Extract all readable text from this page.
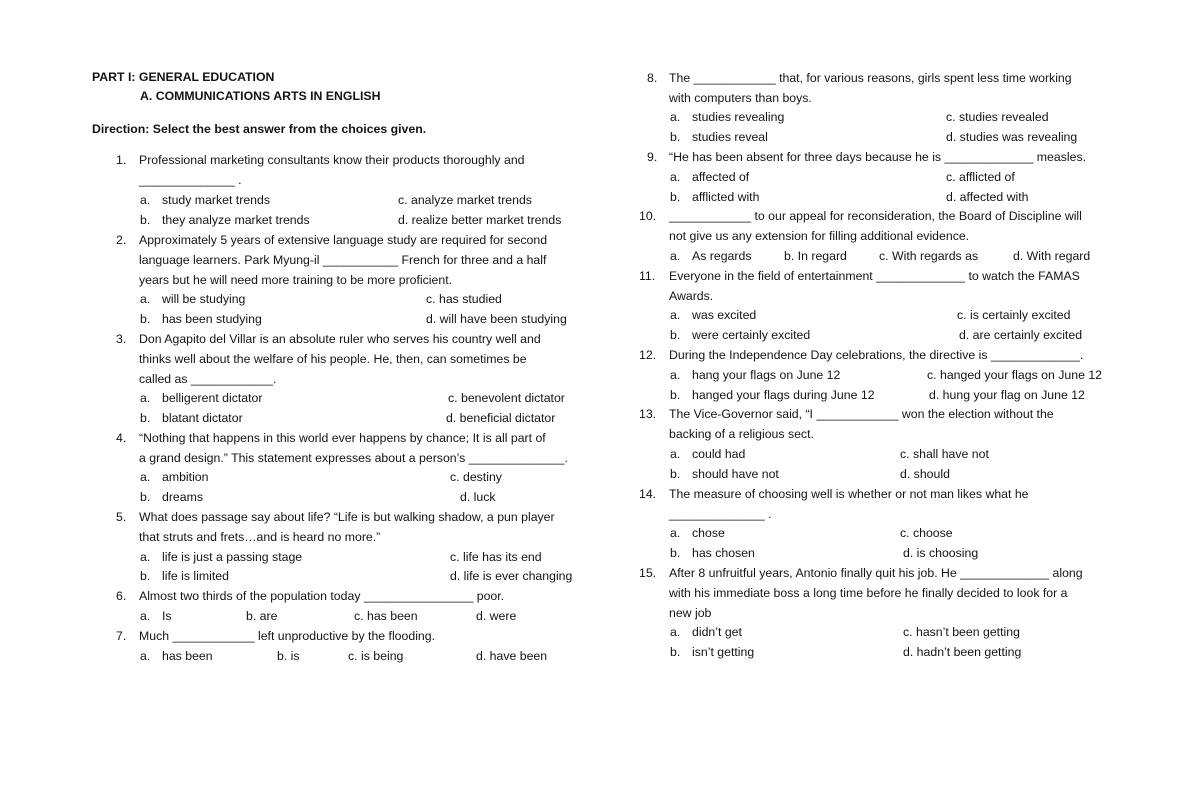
PART I: GENERAL EDUCATION
A. COMMUNICATIONS ARTS IN ENGLISH
Direction: Select the best answer from the choices given.
1. Professional marketing consultants know their products thoroughly and
______________ .
a. study market trends	c. analyze market trends
b. they analyze market trends	d. realize better market trends
2. Approximately 5 years of extensive language study are required for second
language learners. Park Myung-il ___________ French for three and a half
years but he will need more training to be more proficient.
a. will be studying	c. has studied
b. has been studying	d. will have been studying
3. Don Agapito del Villar is an absolute ruler who serves his country well and
thinks well about the welfare of his people. He, then, can sometimes be
called as ____________.
a. belligerent dictator	c. benevolent dictator
b. blatant dictator	d. beneficial dictator
4. “Nothing that happens in this world ever happens by chance; It is all part of
a grand design.” This statement expresses about a person’s ______________.
a. ambition	c. destiny
b. dreams	d. luck
5. What does passage say about life? “Life is but walking shadow, a pun player
that struts and frets…and is heard no more.”
a. life is just a passing stage	c. life has its end
b. life is limited	d. life is ever changing
6. Almost two thirds of the population today ________________ poor.
a. Is	b. are	c. has been	d. were
7. Much ____________ left unproductive by the flooding.
a. has been	b. is	c. is being	d. have been
8. The ____________ that, for various reasons, girls spent less time working
with computers than boys.
a. studies revealing	c. studies revealed
b. studies reveal	d. studies was revealing
9. “He has been absent for three days because he is _____________ measles.
a. affected of	c. afflicted of
b. afflicted with	d. affected with
10. ____________ to our appeal for reconsideration, the Board of Discipline will
not give us any extension for filling additional evidence.
a. As regards	b. In regard	c. With regards as	d. With regard
11. Everyone in the field of entertainment _____________ to watch the FAMAS
Awards.
a. was excited	c. is certainly excited
b. were certainly excited	d. are certainly excited
12. During the Independence Day celebrations, the directive is _____________.
a. hang your flags on June 12	c. hanged your flags on June 12
b. hanged your flags during June 12	d. hung your flag on June 12
13. The Vice-Governor said, “I ____________ won the election without the
backing of a religious sect.
a. could had	c. shall have not
b. should have not	d. should
14. The measure of choosing well is whether or not man likes what he
______________ .
a. chose	c. choose
b. has chosen	d. is choosing
15. After 8 unfruitful years, Antonio finally quit his job. He _____________ along
with his immediate boss a long time before he finally decided to look for a
new job
a. didn’t get	c. hasn’t been getting
b. isn’t getting	d. hadn’t been getting
